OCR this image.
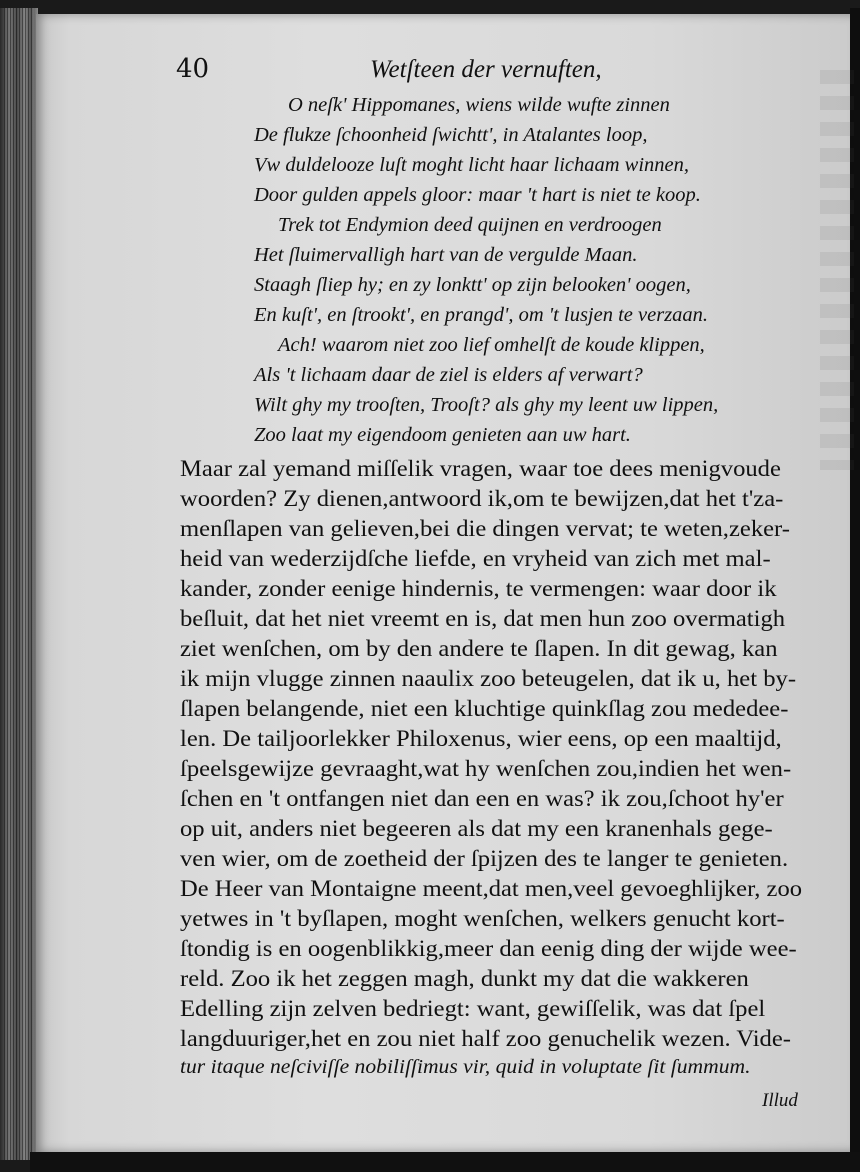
40	Wetſteen der vernuften,
O neſk' Hippomanes, wiens wilde wufte zinnen
De flukze ſchoonheid ſwichtt', in Atalantes loop,
Vw duldelooze luſt moght licht haar lichaam winnen,
Door gulden appels gloor: maar 't hart is niet te koop.
Trek tot Endymion deed quijnen en verdroogen
Het ſluimervalligh hart van de vergulde Maan.
Staagh ſliep hy; en zy lonktt' op zijn belooken' oogen,
En kuſt', en ſtrookt', en prangd', om 't lusjen te verzaan.
Ach! waarom niet zoo lief omhelſt de koude klippen,
Als 't lichaam daar de ziel is elders af verwart?
Wilt ghy my trooſten, Trooſt? als ghy my leent uw lippen,
Zoo laat my eigendoom genieten aan uw hart.
Maar zal yemand miſſelik vragen, waar toe dees menigvoude
woorden? Zy dienen,antwoord ik,om te bewijzen,dat het t'za-
menſlapen van gelieven,bei die dingen vervat; te weten,zeker-
heid van wederzijdſche liefde, en vryheid van zich met mal-
kander, zonder eenige hindernis, te vermengen: waar door ik
beſluit, dat het niet vreemt en is, dat men hun zoo overmatigh
ziet wenſchen, om by den andere te ſlapen. In dit gewag, kan
ik mijn vlugge zinnen naaulix zoo beteugelen, dat ik u, het by-
ſlapen belangende, niet een kluchtige quinkſlag zou mededee-
len. De tailjoorlekker Philoxenus, wier eens, op een maaltijd,
ſpeelsgewijze gevraaght,wat hy wenſchen zou,indien het wen-
ſchen en 't ontfangen niet dan een en was? ik zou,ſchoot hy'er
op uit, anders niet begeeren als dat my een kranenhals gege-
ven wier, om de zoetheid der ſpijzen des te langer te genieten.
De Heer van Montaigne meent,dat men,veel gevoeghlijker, zoo
yetwes in 't byſlapen, moght wenſchen, welkers genucht kort-
ſtondig is en oogenblikkig,meer dan eenig ding der wijde wee-
reld. Zoo ik het zeggen magh, dunkt my dat die wakkeren
Edelling zijn zelven bedriegt: want, gewiſſelik, was dat ſpel
langduuriger,het en zou niet half zoo genuchelik wezen. Vide-
tur itaque neſciviſſe nobiliſſimus vir, quid in voluptate ſit ſummum.
Illud
